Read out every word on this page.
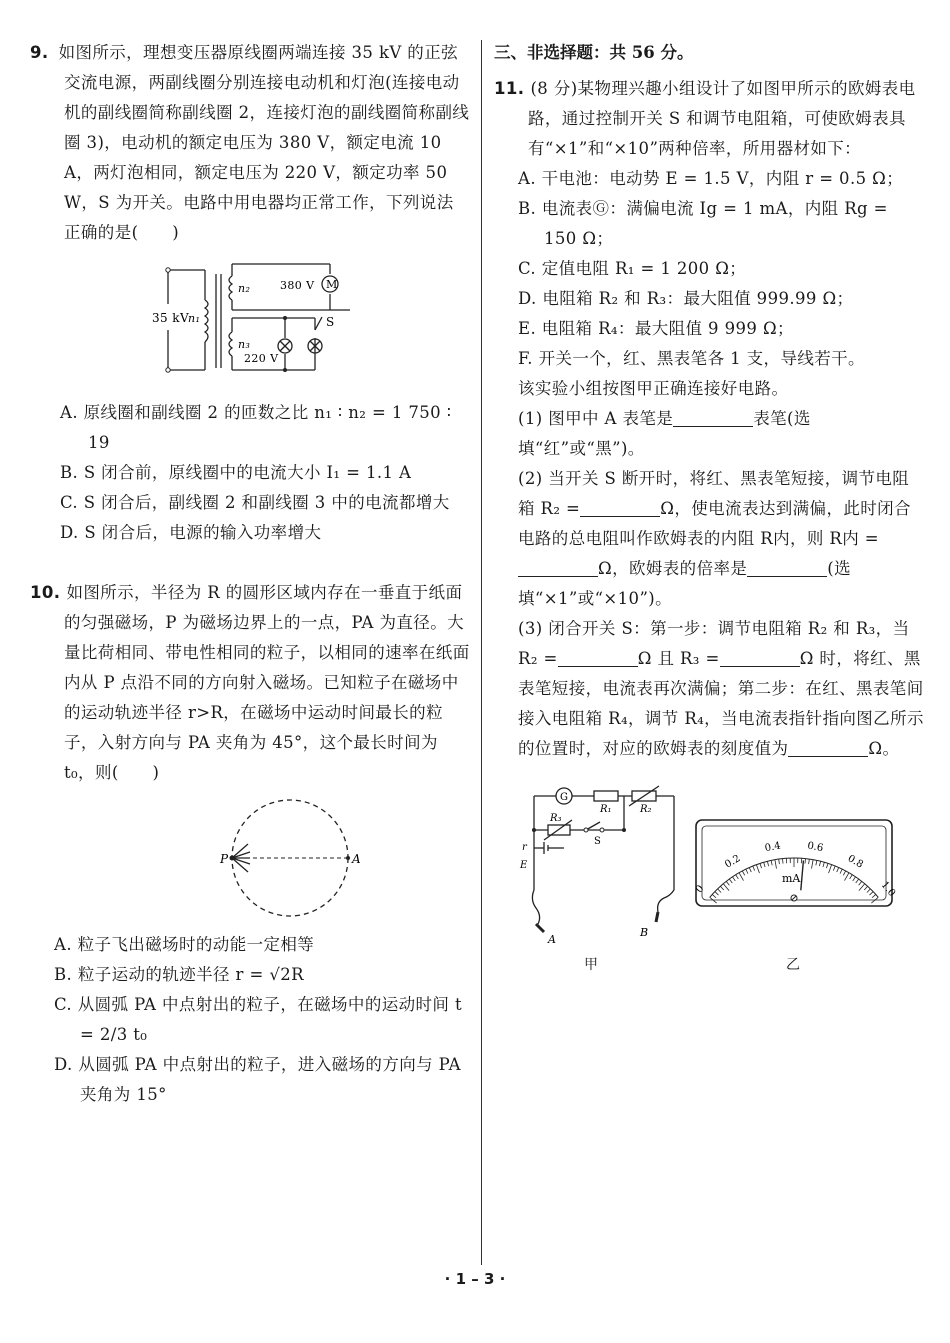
9. 如图所示，理想变压器原线圈两端连接 35 kV 的正弦交流电源，两副线圈分别连接电动机和灯泡(连接电动机的副线圈简称副线圈 2，连接灯泡的副线圈简称副线圈 3)，电动机的额定电压为 380 V，额定电流 10 A，两灯泡相同，额定电压为 220 V，额定功率 50 W，S 为开关。电路中用电器均正常工作，下列说法正确的是(　　)

M
35 kV
n₁
n₂
n₃
380 V
220 V
S

A. 原线圈和副线圈 2 的匝数之比 n₁ ∶ n₂ = 1 750 ∶ 19

B. S 闭合前，原线圈中的电流大小 I₁ = 1.1 A

C. S 闭合后，副线圈 2 和副线圈 3 中的电流都增大

D. S 闭合后，电源的输入功率增大

10. 如图所示，半径为 R 的圆形区域内存在一垂直于纸面的匀强磁场，P 为磁场边界上的一点，PA 为直径。大量比荷相同、带电性相同的粒子，以相同的速率在纸面内从 P 点沿不同的方向射入磁场。已知粒子在磁场中的运动轨迹半径 r>R，在磁场中运动时间最长的粒子，入射方向与 PA 夹角为 45°，这个最长时间为 t₀，则(　　)

P	A

A. 粒子飞出磁场时的动能一定相等

B. 粒子运动的轨迹半径 r = √2R

C. 从圆弧 PA 中点射出的粒子，在磁场中的运动时间 t = 2/3 t₀

D. 从圆弧 PA 中点射出的粒子，进入磁场的方向与 PA 夹角为 15°

三、非选择题：共 56 分。

11. (8 分)某物理兴趣小组设计了如图甲所示的欧姆表电路，通过控制开关 S 和调节电阻箱，可使欧姆表具有“×1”和“×10”两种倍率，所用器材如下：

A. 干电池：电动势 E = 1.5 V，内阻 r = 0.5 Ω；

B. 电流表Ⓖ：满偏电流 Ig = 1 mA，内阻 Rg = 150 Ω；

C. 定值电阻 R₁ = 1 200 Ω；

D. 电阻箱 R₂ 和 R₃：最大阻值 999.99 Ω；

E. 电阻箱 R₄：最大阻值 9 999 Ω；

F. 开关一个，红、黑表笔各 1 支，导线若干。

该实验小组按图甲正确连接好电路。

(1) 图甲中 A 表笔是	表笔(选填“红”或“黑”)。

(2) 当开关 S 断开时，将红、黑表笔短接，调节电阻箱 R₂ =	Ω，使电流表达到满偏，此时闭合电路的总电阻叫作欧姆表的内阻 R内，则 R内 =Ω，欧姆表的倍率是	(选填“×1”或“×10”)。

(3) 闭合开关 S：第一步：调节电阻箱 R₂ 和 R₃，当 R₂ =	Ω 且 R₃ =	Ω 时，将红、黑表笔短接，电流表再次满偏；第二步：在红、黑表笔间接入电阻箱 R₄，调节 R₄，当电流表指针指向图乙所示的位置时，对应的欧姆表的刻度值为	Ω。

G
R₁	R₂
R₃
S
r
E
A
B
0
0.2
0.4 0.6
0.8
1.0
mA
甲	乙
· 1 – 3 ·
